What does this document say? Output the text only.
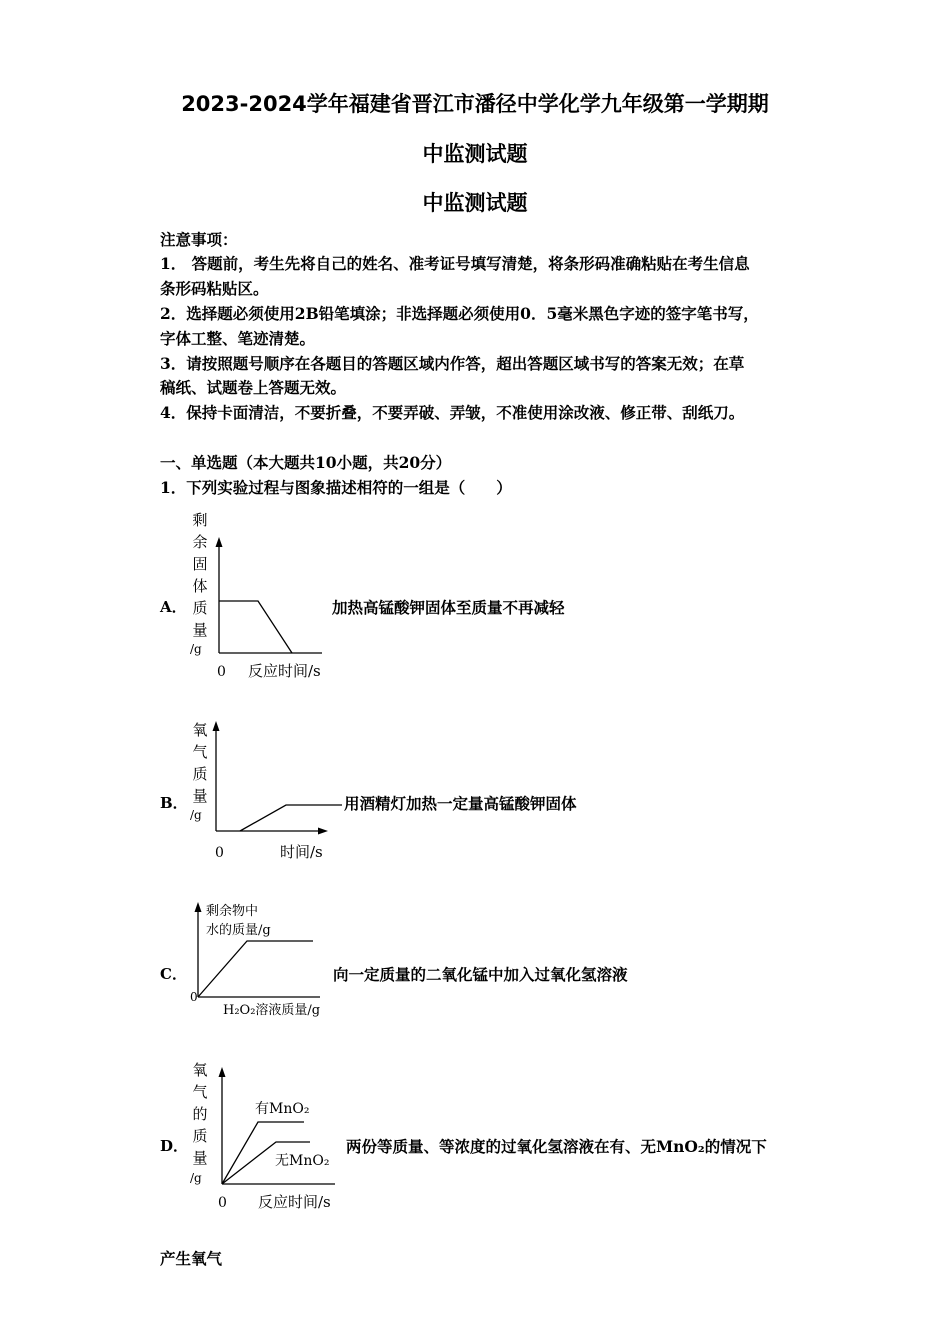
2023-2024学年福建省晋江市潘径中学化学九年级第一学期期
中监测试题
中监测试题
注意事项：
1． 答题前，考生先将自己的姓名、准考证号填写清楚，将条形码准确粘贴在考生信息
条形码粘贴区。
2．选择题必须使用2B铅笔填涂；非选择题必须使用0．5毫米黑色字迹的签字笔书写，
字体工整、笔迹清楚。
3．请按照题号顺序在各题目的答题区域内作答，超出答题区域书写的答案无效；在草
稿纸、试题卷上答题无效。
4．保持卡面清洁，不要折叠，不要弄破、弄皱，不准使用涂改液、修正带、刮纸刀。
一、单选题（本大题共10小题，共20分）
1．下列实验过程与图象描述相符的一组是（　　）
A．
剩
余
固
体
质
量
/g
0 反应时间/s
加热高锰酸钾固体至质量不再减轻
B．
氧
气
质
量
/g
0	时间/s
用酒精灯加热一定量高锰酸钾固体
C．
剩余物中
水的质量/g
0
H₂O₂溶液质量/g
向一定质量的二氧化锰中加入过氧化氢溶液
D．
氧
气
的
质
量
/g
有MnO₂
无MnO₂
0 反应时间/s
两份等质量、等浓度的过氧化氢溶液在有、无MnO₂的情况下
产生氧气
